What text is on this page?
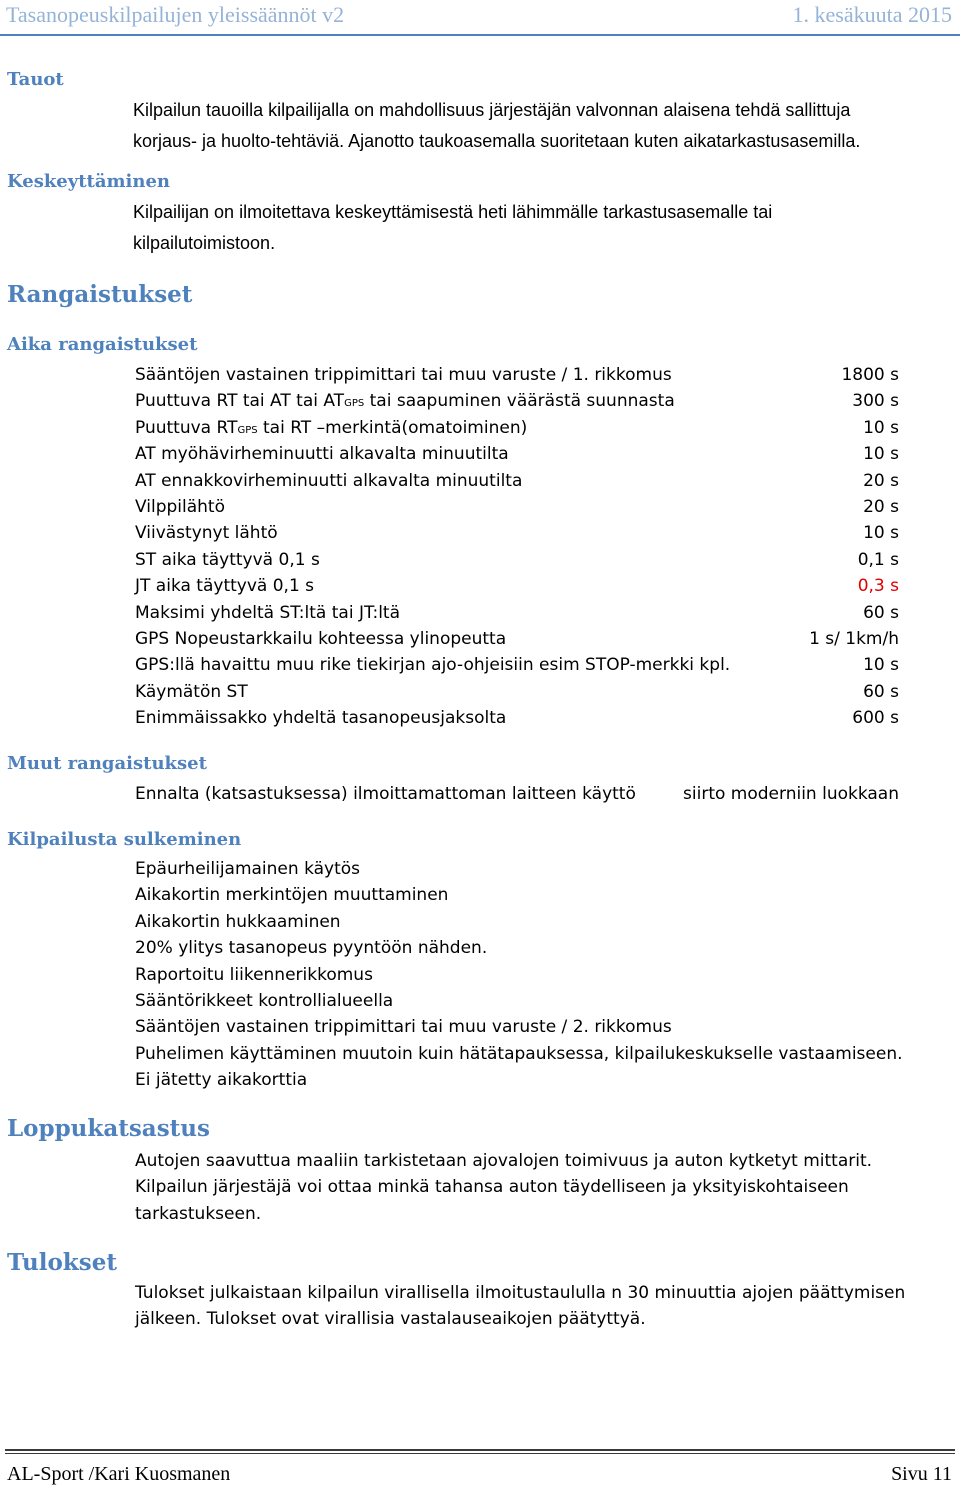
Tasanopeuskilpailujen yleissäännöt v2	1. kesäkuuta 2015
Tauot

Kilpailun tauoilla kilpailijalla on mahdollisuus järjestäjän valvonnan alaisena tehdä sallittuja

korjaus- ja huolto-tehtäviä. Ajanotto taukoasemalla suoritetaan kuten aikatarkastusasemilla.

Keskeyttäminen

Kilpailijan on ilmoitettava keskeyttämisestä heti lähimmälle tarkastusasemalle tai

kilpailutoimistoon.

Rangaistukset
Aika rangaistukset
Sääntöjen vastainen trippimittari tai muu varuste / 1. rikkomus	1800 s
Puuttuva RT tai AT tai ATGPS tai saapuminen väärästä suunnasta	300 s
Puuttuva RTGPS tai RT –merkintä(omatoiminen)	10 s
AT myöhävirheminuutti alkavalta minuutilta	10 s
AT ennakkovirheminuutti alkavalta minuutilta	20 s
Vilppilähtö	20 s
Viivästynyt lähtö	10 s
ST aika täyttyvä 0,1 s	0,1 s
JT aika täyttyvä 0,1 s	0,3 s
Maksimi yhdeltä ST:ltä tai JT:ltä	60 s
GPS Nopeustarkkailu kohteessa ylinopeutta	1 s/ 1km/h
GPS:llä havaittu muu rike tiekirjan ajo-ohjeisiin esim STOP-merkki kpl.	10 s
Käymätön ST	60 s
Enimmäissakko yhdeltä tasanopeusjaksolta	600 s
Muut rangaistukset
Ennalta (katsastuksessa) ilmoittamattoman laitteen käyttö	siirto moderniin luokkaan
Kilpailusta sulkeminen

Epäurheilijamainen käytös

Aikakortin merkintöjen muuttaminen

Aikakortin hukkaaminen

20% ylitys tasanopeus pyyntöön nähden.

Raportoitu liikennerikkomus

Sääntörikkeet kontrollialueella

Sääntöjen vastainen trippimittari tai muu varuste / 2. rikkomus

Puhelimen käyttäminen muutoin kuin hätätapauksessa, kilpailukeskukselle vastaamiseen.

Ei jätetty aikakorttia

Loppukatsastus

Autojen saavuttua maaliin tarkistetaan ajovalojen toimivuus ja auton kytketyt mittarit.

Kilpailun järjestäjä voi ottaa minkä tahansa auton täydelliseen ja yksityiskohtaiseen

tarkastukseen.

Tulokset

Tulokset julkaistaan kilpailun virallisella ilmoitustaululla n 30 minuuttia ajojen päättymisen

jälkeen. Tulokset ovat virallisia vastalauseaikojen päätyttyä.

AL-Sport /Kari Kuosmanen	Sivu 11
